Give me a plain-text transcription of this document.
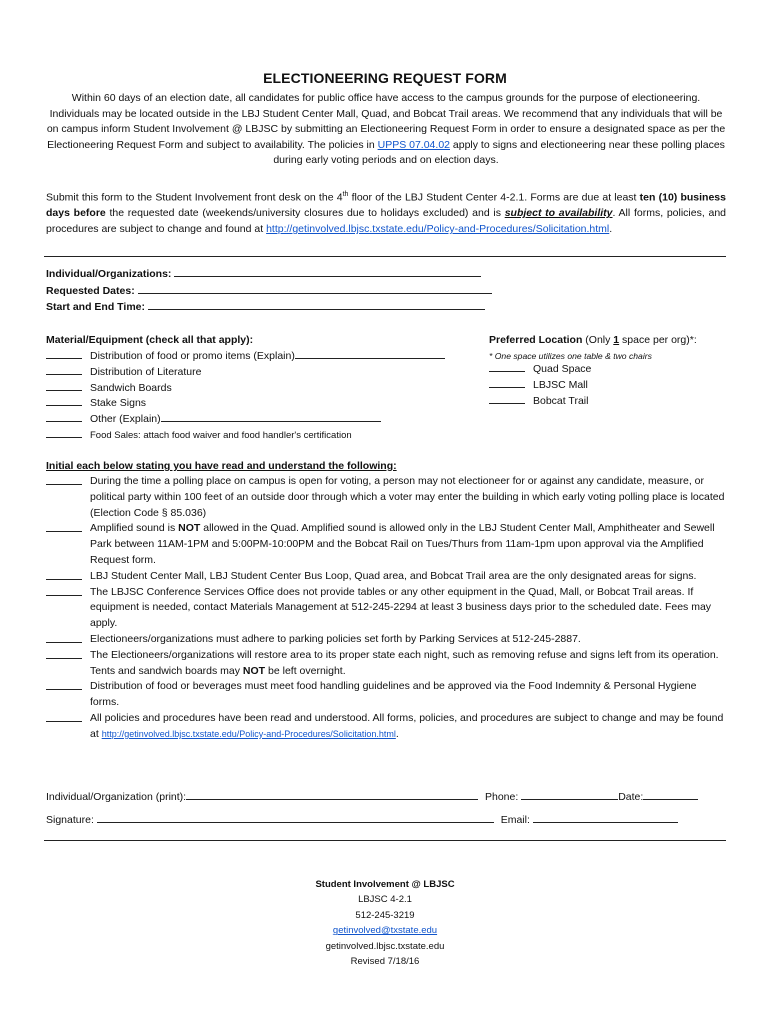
ELECTIONEERING REQUEST FORM

Within 60 days of an election date, all candidates for public office have access to the campus grounds for the purpose of electioneering. Individuals may be located outside in the LBJ Student Center Mall, Quad, and Bobcat Trail areas. We recommend that any individuals that will be on campus inform Student Involvement @ LBJSC by submitting an Electioneering Request Form in order to ensure a designated space as per the Electioneering Request Form and subject to availability. The policies in UPPS 07.04.02 apply to signs and electioneering near these polling places during early voting periods and on election days.

Submit this form to the Student Involvement front desk on the 4th floor of the LBJ Student Center 4-2.1. Forms are due at least ten (10) business days before the requested date (weekends/university closures due to holidays excluded) and is subject to availability. All forms, policies, and procedures are subject to change and found at http://getinvolved.lbjsc.txstate.edu/Policy-and-Procedures/Solicitation.html.

Individual/Organizations:
Requested Dates:
Start and End Time:
Material/Equipment (check all that apply):
Distribution of food or promo items (Explain)
Distribution of Literature
Sandwich Boards
Stake Signs
Other (Explain)
Food Sales: attach food waiver and food handler's certification
Preferred Location (Only 1 space per org)*:
* One space utilizes one table & two chairs
Quad Space
LBJSC Mall
Bobcat Trail
Initial each below stating you have read and understand the following:
During the time a polling place on campus is open for voting, a person may not electioneer for or against any candidate, measure, or political party within 100 feet of an outside door through which a voter may enter the building in which early voting polling place is located (Election Code § 85.036)
Amplified sound is NOT allowed in the Quad. Amplified sound is allowed only in the LBJ Student Center Mall, Amphitheater and Sewell Park between 11AM-1PM and 5:00PM-10:00PM and the Bobcat Rail on Tues/Thurs from 11am-1pm upon approval via the Amplified Request form.
LBJ Student Center Mall, LBJ Student Center Bus Loop, Quad area, and Bobcat Trail area are the only designated areas for signs.
The LBJSC Conference Services Office does not provide tables or any other equipment in the Quad, Mall, or Bobcat Trail areas. If equipment is needed, contact Materials Management at 512-245-2294 at least 3 business days prior to the scheduled date. Fees may apply.
Electioneers/organizations must adhere to parking policies set forth by Parking Services at 512-245-2887.
The Electioneers/organizations will restore area to its proper state each night, such as removing refuse and signs left from its operation. Tents and sandwich boards may NOT be left overnight.
Distribution of food or beverages must meet food handling guidelines and be approved via the Food Indemnity & Personal Hygiene forms.
All policies and procedures have been read and understood. All forms, policies, and procedures are subject to change and may be found at http://getinvolved.lbjsc.txstate.edu/Policy-and-Procedures/Solicitation.html.
Individual/Organization (print):	Phone:	Date:
Signature:	Email:
Student Involvement @ LBJSC
LBJSC 4-2.1
512-245-3219
getinvolved@txstate.edu
getinvolved.lbjsc.txstate.edu
Revised 7/18/16
